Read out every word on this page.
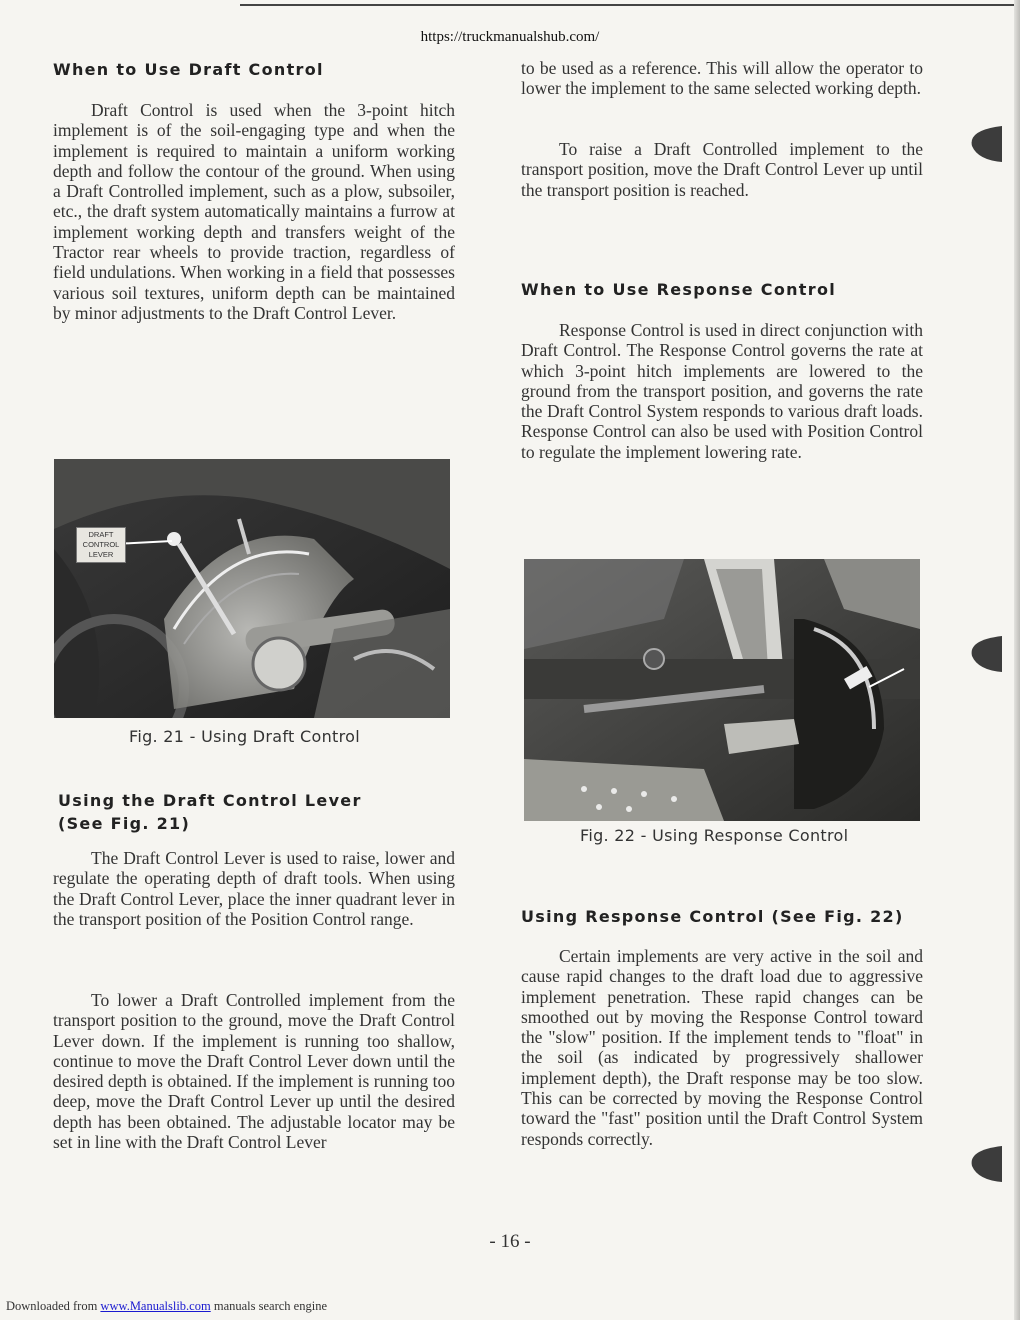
https://truckmanualshub.com/
When to Use Draft Control

Draft Control is used when the 3-point hitch implement is of the soil-engaging type and when the implement is required to maintain a uniform working depth and follow the contour of the ground. When using a Draft Controlled implement, such as a plow, subsoiler, etc., the draft system automatically maintains a furrow at implement working depth and transfers weight of the Tractor rear wheels to provide traction, regardless of field undulations. When working in a field that possesses various soil textures, uniform depth can be maintained by minor adjustments to the Draft Control Lever.

DRAFT CONTROL LEVER
Fig. 21 - Using Draft Control
Using the Draft Control Lever
(See Fig. 21)

The Draft Control Lever is used to raise, lower and regulate the operating depth of draft tools. When using the Draft Control Lever, place the inner quadrant lever in the transport position of the Position Control range.

To lower a Draft Controlled implement from the transport position to the ground, move the Draft Control Lever down. If the implement is running too shallow, continue to move the Draft Control Lever down until the desired depth is obtained. If the implement is running too deep, move the Draft Control Lever up until the desired depth has been obtained. The adjustable locator may be set in line with the Draft Control Lever

to be used as a reference. This will allow the operator to lower the implement to the same selected working depth.

To raise a Draft Controlled implement to the transport position, move the Draft Control Lever up until the transport position is reached.

When to Use Response Control

Response Control is used in direct conjunction with Draft Control. The Response Control governs the rate at which 3-point hitch implements are lowered to the ground from the transport position, and governs the rate the Draft Control System responds to various draft loads. Response Control can also be used with Position Control to regulate the implement lowering rate.

Fig. 22 - Using Response Control
Using Response Control (See Fig. 22)

Certain implements are very active in the soil and cause rapid changes to the draft load due to aggressive implement penetration. These rapid changes can be smoothed out by moving the Response Control toward the "slow" position. If the implement tends to "float" in the soil (as indicated by progressively shallower implement depth), the Draft response may be too slow. This can be corrected by moving the Response Control toward the "fast" position until the Draft Control System responds correctly.

- 16 -
Downloaded from www.Manualslib.com manuals search engine
